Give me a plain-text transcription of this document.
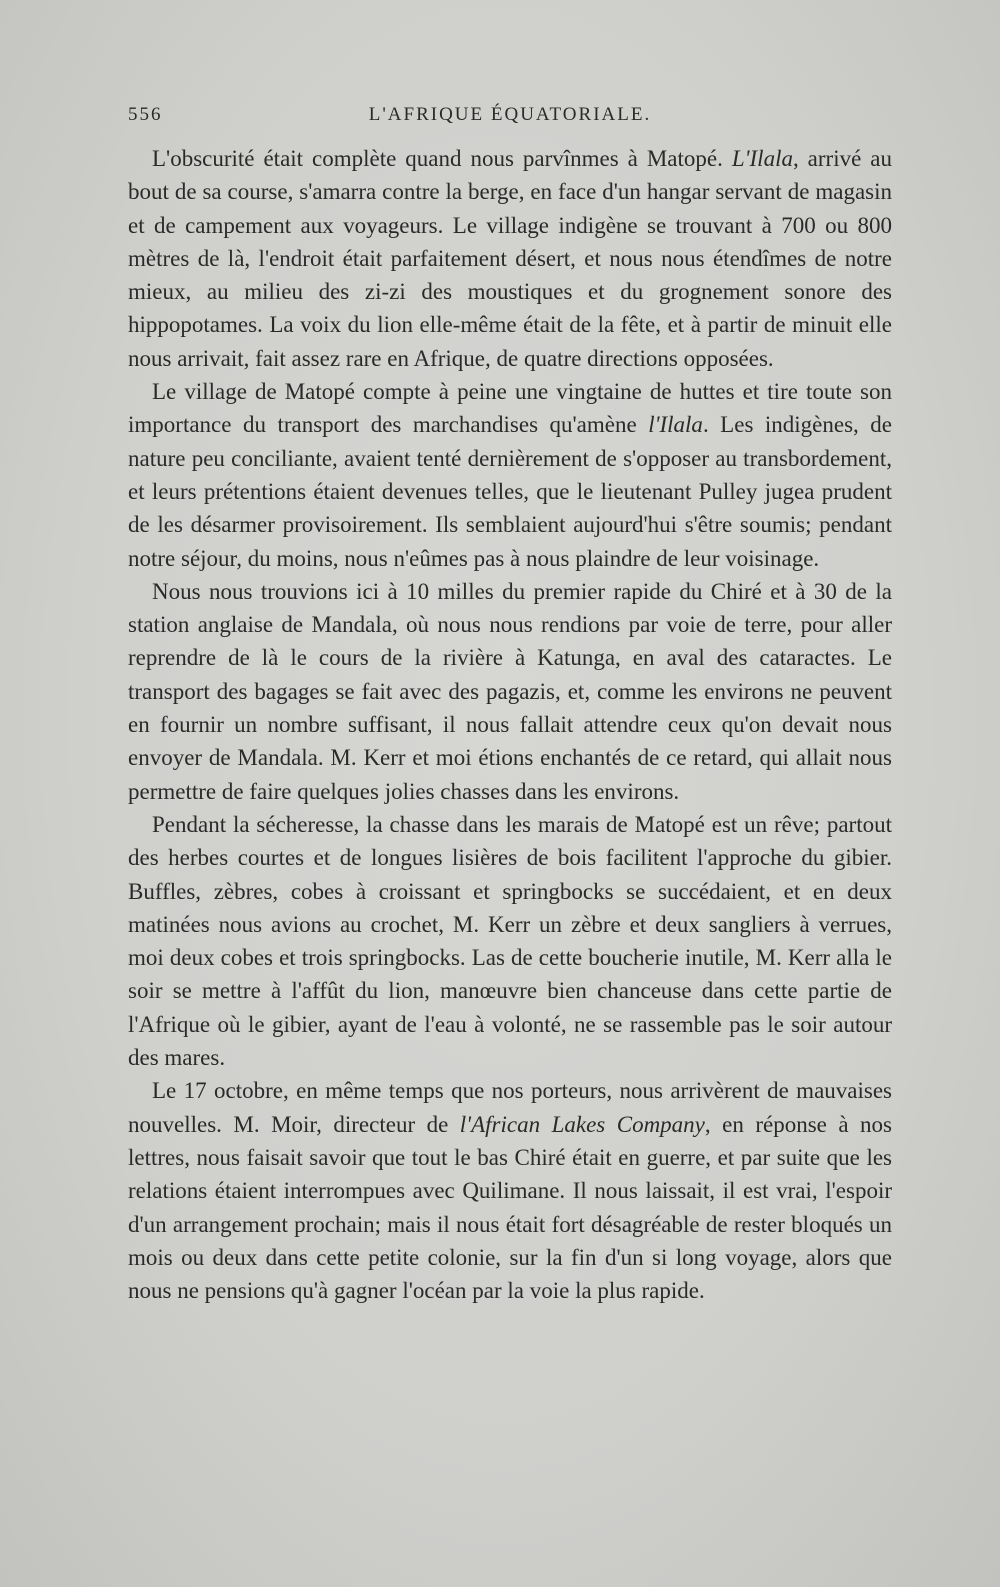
556	L'AFRIQUE ÉQUATORIALE.

L'obscurité était complète quand nous parvînmes à Matopé. L'Ilala, arrivé au bout de sa course, s'amarra contre la berge, en face d'un hangar servant de magasin et de campement aux voyageurs. Le village indigène se trouvant à 700 ou 800 mètres de là, l'endroit était parfaitement désert, et nous nous étendîmes de notre mieux, au milieu des zi-zi des moustiques et du grognement sonore des hippopotames. La voix du lion elle-même était de la fête, et à partir de minuit elle nous arrivait, fait assez rare en Afrique, de quatre directions opposées.

Le village de Matopé compte à peine une vingtaine de huttes et tire toute son importance du transport des marchandises qu'amène l'Ilala. Les indigènes, de nature peu conciliante, avaient tenté dernièrement de s'opposer au transbordement, et leurs prétentions étaient devenues telles, que le lieutenant Pulley jugea prudent de les désarmer provisoirement. Ils semblaient aujourd'hui s'être soumis; pendant notre séjour, du moins, nous n'eûmes pas à nous plaindre de leur voisinage.

Nous nous trouvions ici à 10 milles du premier rapide du Chiré et à 30 de la station anglaise de Mandala, où nous nous rendions par voie de terre, pour aller reprendre de là le cours de la rivière à Katunga, en aval des cataractes. Le transport des bagages se fait avec des pagazis, et, comme les environs ne peuvent en fournir un nombre suffisant, il nous fallait attendre ceux qu'on devait nous envoyer de Mandala. M. Kerr et moi étions enchantés de ce retard, qui allait nous permettre de faire quelques jolies chasses dans les environs.

Pendant la sécheresse, la chasse dans les marais de Matopé est un rêve; partout des herbes courtes et de longues lisières de bois facilitent l'approche du gibier. Buffles, zèbres, cobes à croissant et springbocks se succédaient, et en deux matinées nous avions au crochet, M. Kerr un zèbre et deux sangliers à verrues, moi deux cobes et trois springbocks. Las de cette boucherie inutile, M. Kerr alla le soir se mettre à l'affût du lion, manœuvre bien chanceuse dans cette partie de l'Afrique où le gibier, ayant de l'eau à volonté, ne se rassemble pas le soir autour des mares.

Le 17 octobre, en même temps que nos porteurs, nous arrivèrent de mauvaises nouvelles. M. Moir, directeur de l'African Lakes Company, en réponse à nos lettres, nous faisait savoir que tout le bas Chiré était en guerre, et par suite que les relations étaient interrompues avec Quilimane. Il nous laissait, il est vrai, l'espoir d'un arrangement prochain; mais il nous était fort désagréable de rester bloqués un mois ou deux dans cette petite colonie, sur la fin d'un si long voyage, alors que nous ne pensions qu'à gagner l'océan par la voie la plus rapide.
